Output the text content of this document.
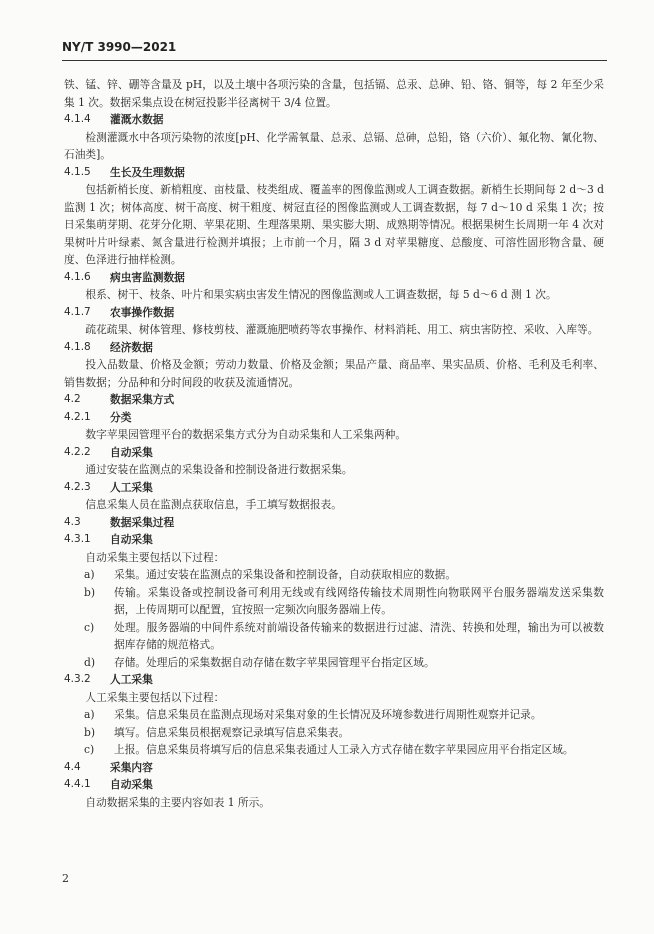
NY/T 3990—2021

铁、锰、锌、硼等含量及 pH，以及土壤中各项污染的含量，包括镉、总汞、总砷、铅、铬、铜等，每 2 年至少采集 1 次。数据采集点设在树冠投影半径离树干 3/4 位置。

4.1.4	灌溉水数据

检测灌溉水中各项污染物的浓度[pH、化学需氧量、总汞、总镉、总砷，总铅，铬（六价）、氟化物、氰化物、石油类]。

4.1.5	生长及生理数据

包括新梢长度、新梢粗度、亩枝量、枝类组成、覆盖率的图像监测或人工调查数据。新梢生长期间每 2 d～3 d 监测 1 次；树体高度、树干高度、树干粗度、树冠直径的图像监测或人工调查数据，每 7 d～10 d 采集 1 次；按日采集萌芽期、花芽分化期、苹果花期、生理落果期、果实膨大期、成熟期等情况。根据果树生长周期一年 4 次对果树叶片叶绿素、氮含量进行检测并填报；上市前一个月，隔 3 d 对苹果糖度、总酸度、可溶性固形物含量、硬度、色泽进行抽样检测。

4.1.6	病虫害监测数据

根系、树干、枝条、叶片和果实病虫害发生情况的图像监测或人工调查数据，每 5 d～6 d 测 1 次。

4.1.7	农事操作数据

疏花疏果、树体管理、修枝剪枝、灌溉施肥喷药等农事操作、材料消耗、用工、病虫害防控、采收、入库等。

4.1.8	经济数据

投入品数量、价格及金额；劳动力数量、价格及金额；果品产量、商品率、果实品质、价格、毛利及毛利率、销售数据；分品种和分时间段的收获及流通情况。

4.2	数据采集方式
4.2.1	分类

数字苹果园管理平台的数据采集方式分为自动采集和人工采集两种。

4.2.2	自动采集

通过安装在监测点的采集设备和控制设备进行数据采集。

4.2.3	人工采集

信息采集人员在监测点获取信息，手工填写数据报表。

4.3	数据采集过程
4.3.1	自动采集

自动采集主要包括以下过程：

a)	采集。通过安装在监测点的采集设备和控制设备，自动获取相应的数据。
b)	传输。采集设备或控制设备可利用无线或有线网络传输技术周期性向物联网平台服务器端发送采集数据，上传周期可以配置，宜按照一定频次向服务器端上传。
c)	处理。服务器端的中间件系统对前端设备传输来的数据进行过滤、清洗、转换和处理，输出为可以被数据库存储的规范格式。
d)	存储。处理后的采集数据自动存储在数字苹果园管理平台指定区域。
4.3.2	人工采集

人工采集主要包括以下过程：

a)	采集。信息采集员在监测点现场对采集对象的生长情况及环境参数进行周期性观察并记录。
b)	填写。信息采集员根据观察记录填写信息采集表。
c)	上报。信息采集员将填写后的信息采集表通过人工录入方式存储在数字苹果园应用平台指定区域。
4.4	采集内容
4.4.1	自动采集

自动数据采集的主要内容如表 1 所示。

2
